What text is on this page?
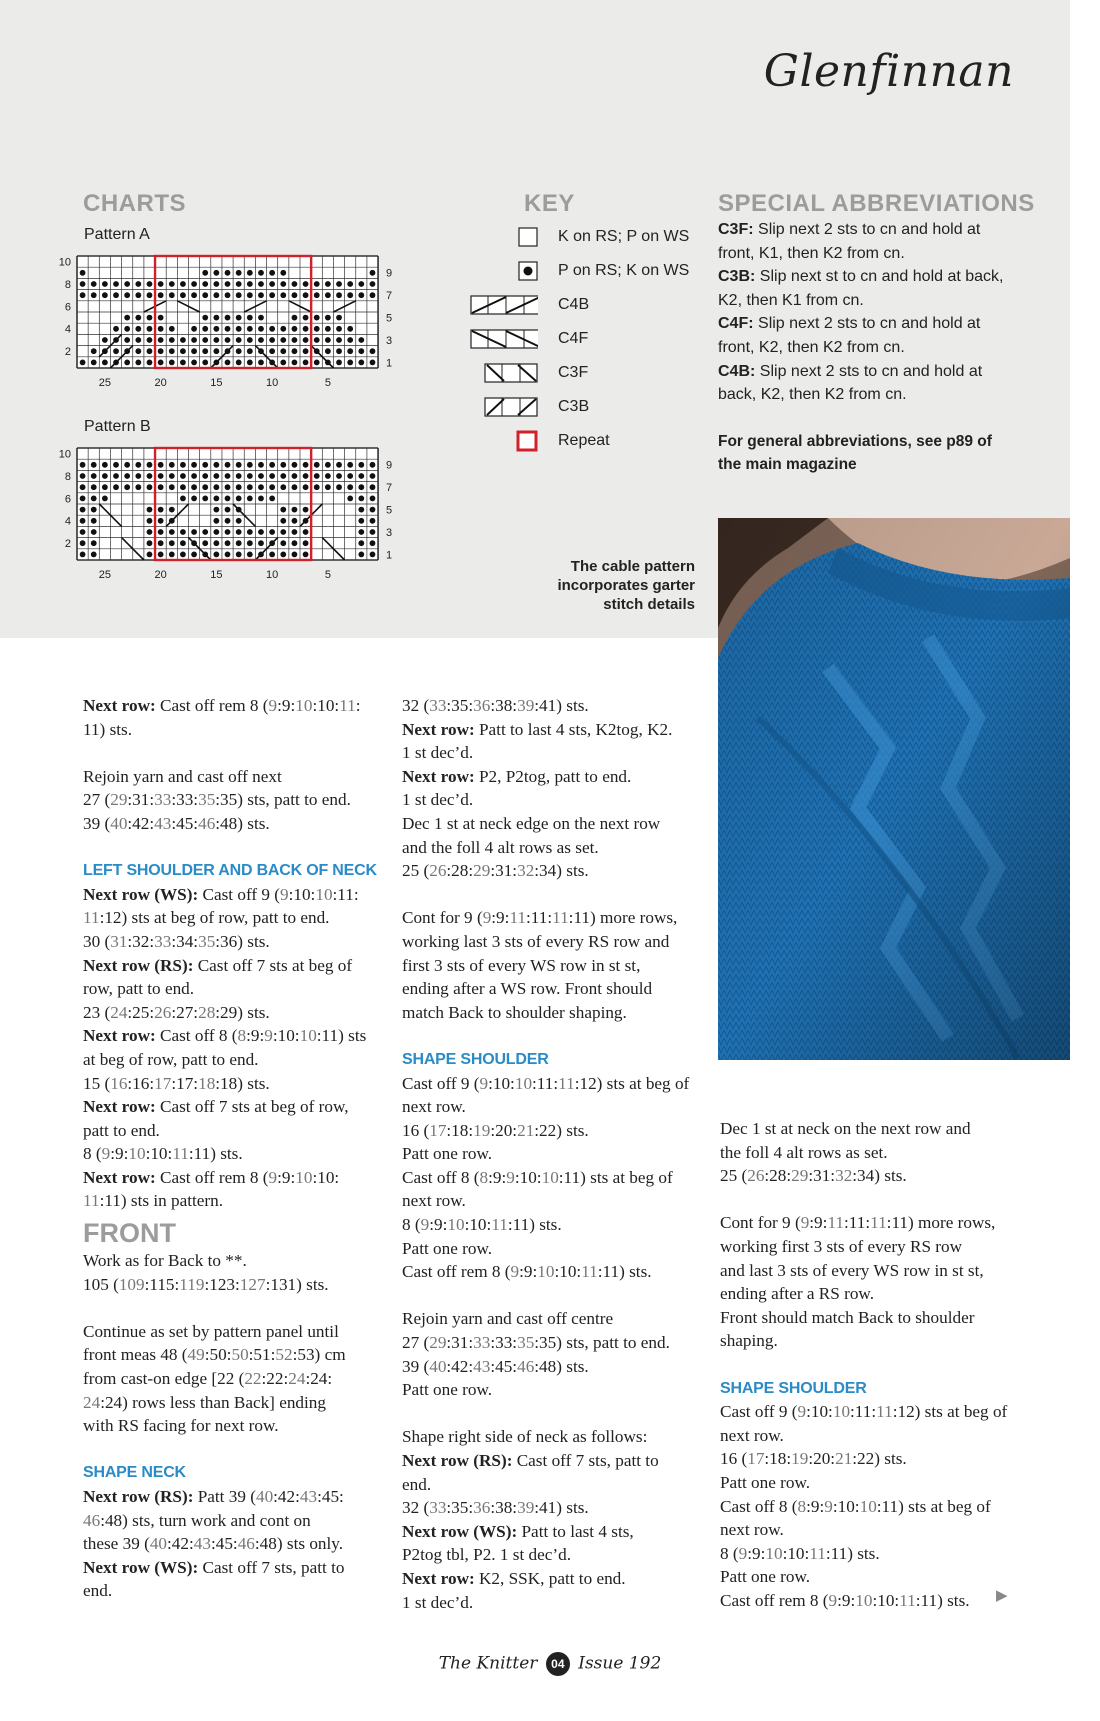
Glenfinnan
CHARTS
Pattern A
Pattern B
10
8
6
4
2
9
7
5
3
1
25	20	15	10	5
10
8
6
4
2
9
7
5
3
1
25	20	15	10	5
KEY
K on RS; P on WS
P on RS; K on WS
C4B
C4F
C3F
C3B
Repeat
SPECIAL ABBREVIATIONS
C3F: Slip next 2 sts to cn and hold at front, K1, then K2 from cn.
C3B: Slip next st to cn and hold at back, K2, then K1 from cn.
C4F: Slip next 2 sts to cn and hold at front, K2, then K2 from cn.
C4B: Slip next 2 sts to cn and hold at back, K2, then K2 from cn.
For general abbreviations, see p89 of the main magazine
The cable pattern incorporates garter stitch details

Next row: Cast off rem 8 (9:9:10:10:11:
11) sts.

Rejoin yarn and cast off next
27 (29:31:33:33:35:35) sts, patt to end.
39 (40:42:43:45:46:48) sts.

LEFT SHOULDER AND BACK OF NECK

Next row (WS): Cast off 9 (9:10:10:11:
11:12) sts at beg of row, patt to end.
30 (31:32:33:34:35:36) sts.
Next row (RS): Cast off 7 sts at beg of
row, patt to end.
23 (24:25:26:27:28:29) sts.
Next row: Cast off 8 (8:9:9:10:10:11) sts
at beg of row, patt to end.
15 (16:16:17:17:18:18) sts.
Next row: Cast off 7 sts at beg of row,
patt to end.
8 (9:9:10:10:11:11) sts.
Next row: Cast off rem 8 (9:9:10:10:
11:11) sts in pattern.

FRONT

Work as for Back to **.
105 (109:115:119:123:127:131) sts.

Continue as set by pattern panel until
front meas 48 (49:50:50:51:52:53) cm
from cast-on edge [22 (22:22:24:24:
24:24) rows less than Back] ending
with RS facing for next row.

SHAPE NECK

Next row (RS): Patt 39 (40:42:43:45:
46:48) sts, turn work and cont on
these 39 (40:42:43:45:46:48) sts only.
Next row (WS): Cast off 7 sts, patt to
end.

32 (33:35:36:38:39:41) sts.
Next row: Patt to last 4 sts, K2tog, K2.
1 st dec’d.
Next row: P2, P2tog, patt to end.
1 st dec’d.
Dec 1 st at neck edge on the next row
and the foll 4 alt rows as set.
25 (26:28:29:31:32:34) sts.

Cont for 9 (9:9:11:11:11:11) more rows,
working last 3 sts of every RS row and
first 3 sts of every WS row in st st,
ending after a WS row. Front should
match Back to shoulder shaping.

SHAPE SHOULDER

Cast off 9 (9:10:10:11:11:12) sts at beg of
next row.
16 (17:18:19:20:21:22) sts.
Patt one row.
Cast off 8 (8:9:9:10:10:11) sts at beg of
next row.
8 (9:9:10:10:11:11) sts.
Patt one row.
Cast off rem 8 (9:9:10:10:11:11) sts.

Rejoin yarn and cast off centre
27 (29:31:33:33:35:35) sts, patt to end.
39 (40:42:43:45:46:48) sts.
Patt one row.

Shape right side of neck as follows:
Next row (RS): Cast off 7 sts, patt to
end.
32 (33:35:36:38:39:41) sts.
Next row (WS): Patt to last 4 sts,
P2tog tbl, P2. 1 st dec’d.
Next row: K2, SSK, patt to end.
1 st dec’d.

Dec 1 st at neck on the next row and
the foll 4 alt rows as set.
25 (26:28:29:31:32:34) sts.

Cont for 9 (9:9:11:11:11:11) more rows,
working first 3 sts of every RS row
and last 3 sts of every WS row in st st,
ending after a RS row.
Front should match Back to shoulder
shaping.

SHAPE SHOULDER

Cast off 9 (9:10:10:11:11:12) sts at beg of
next row.
16 (17:18:19:20:21:22) sts.
Patt one row.
Cast off 8 (8:9:9:10:10:11) sts at beg of
next row.
8 (9:9:10:10:11:11) sts.
Patt one row.
Cast off rem 8 (9:9:10:10:11:11) sts.	▶
The Knitter 04 Issue 192
